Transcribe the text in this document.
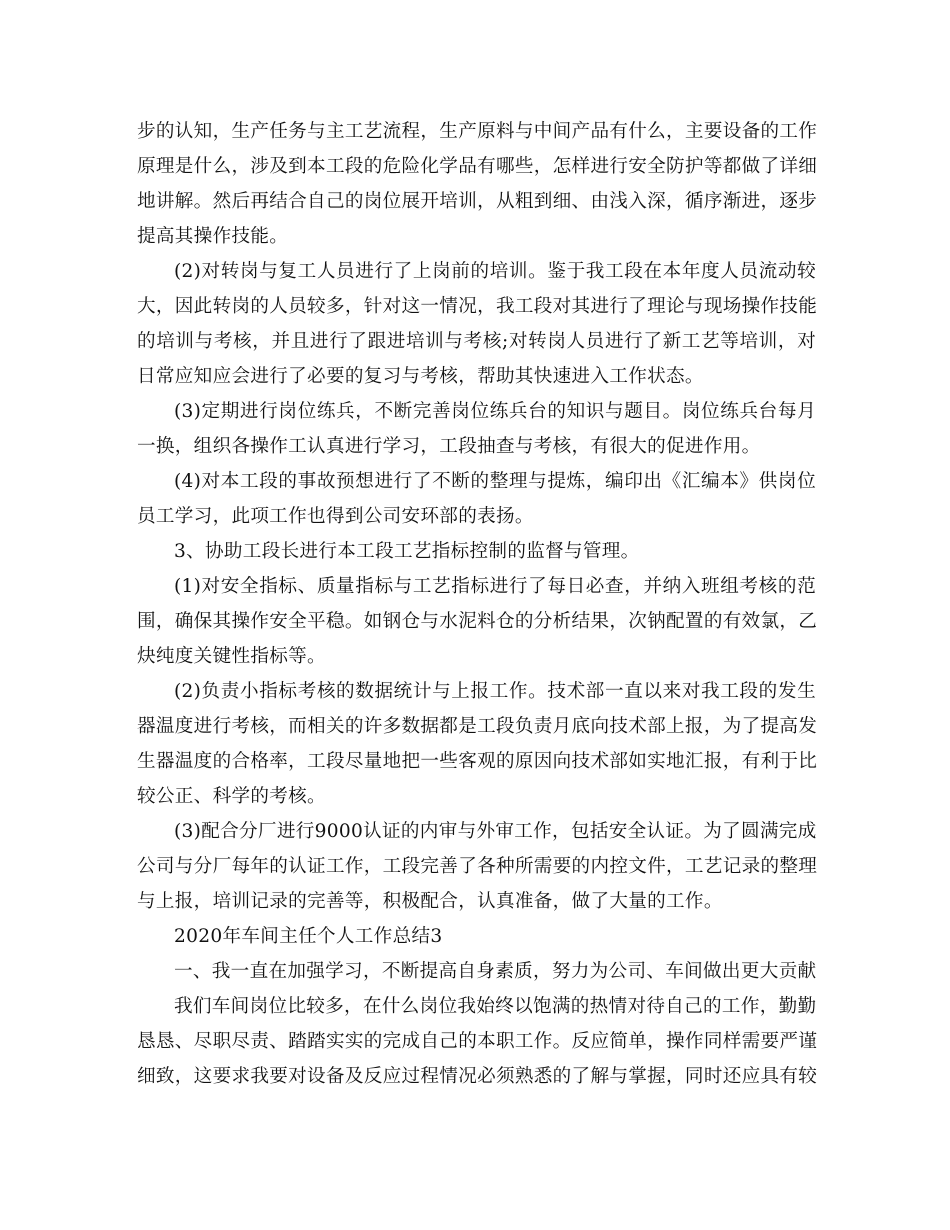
步的认知，生产任务与主工艺流程，生产原料与中间产品有什么，主要设备的工作
原理是什么，涉及到本工段的危险化学品有哪些，怎样进行安全防护等都做了详细
地讲解。然后再结合自己的岗位展开培训，从粗到细、由浅入深，循序渐进，逐步
提高其操作技能。
(2)对转岗与复工人员进行了上岗前的培训。鉴于我工段在本年度人员流动较
大，因此转岗的人员较多，针对这一情况，我工段对其进行了理论与现场操作技能
的培训与考核，并且进行了跟进培训与考核;对转岗人员进行了新工艺等培训，对
日常应知应会进行了必要的复习与考核，帮助其快速进入工作状态。
(3)定期进行岗位练兵，不断完善岗位练兵台的知识与题目。岗位练兵台每月
一换，组织各操作工认真进行学习，工段抽查与考核，有很大的促进作用。
(4)对本工段的事故预想进行了不断的整理与提炼，编印出《汇编本》供岗位
员工学习，此项工作也得到公司安环部的表扬。
3、协助工段长进行本工段工艺指标控制的监督与管理。
(1)对安全指标、质量指标与工艺指标进行了每日必查，并纳入班组考核的范
围，确保其操作安全平稳。如钢仓与水泥料仓的分析结果，次钠配置的有效氯，乙
炔纯度关键性指标等。
(2)负责小指标考核的数据统计与上报工作。技术部一直以来对我工段的发生
器温度进行考核，而相关的许多数据都是工段负责月底向技术部上报，为了提高发
生器温度的合格率，工段尽量地把一些客观的原因向技术部如实地汇报，有利于比
较公正、科学的考核。
(3)配合分厂进行9000认证的内审与外审工作，包括安全认证。为了圆满完成
公司与分厂每年的认证工作，工段完善了各种所需要的内控文件，工艺记录的整理
与上报，培训记录的完善等，积极配合，认真准备，做了大量的工作。
2020年车间主任个人工作总结3
一、我一直在加强学习，不断提高自身素质，努力为公司、车间做出更大贡献
我们车间岗位比较多，在什么岗位我始终以饱满的热情对待自己的工作，勤勤
恳恳、尽职尽责、踏踏实实的完成自己的本职工作。反应简单，操作同样需要严谨
细致，这要求我要对设备及反应过程情况必须熟悉的了解与掌握，同时还应具有较
